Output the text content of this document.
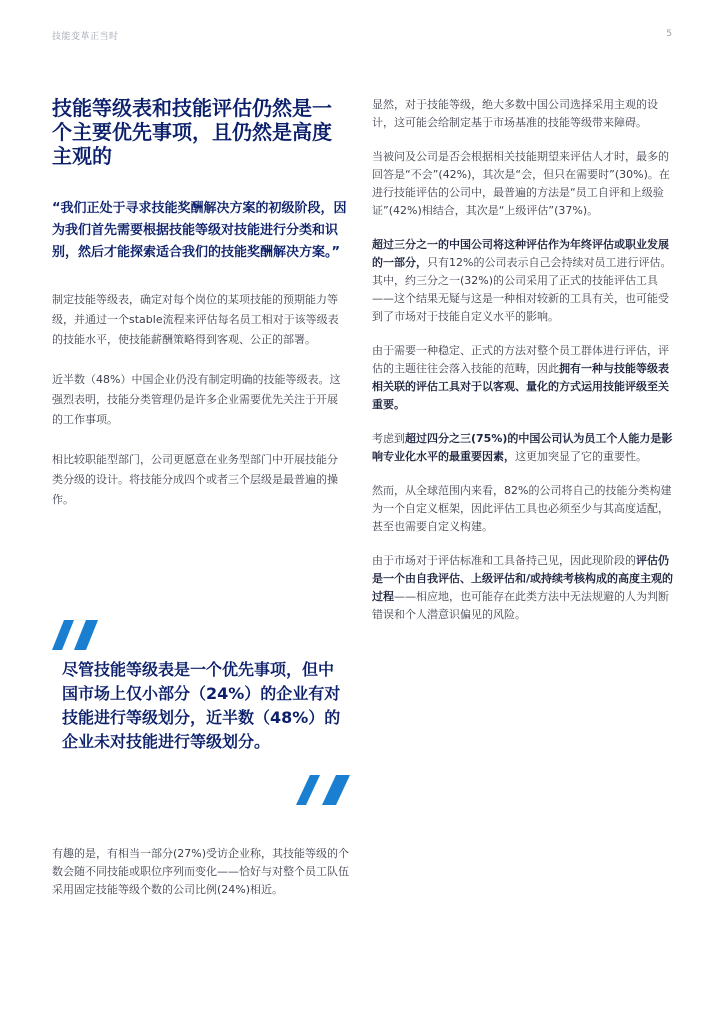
技能变革正当时	5
技能等级表和技能评估仍然是一个主要优先事项，且仍然是高度主观的
“我们正处于寻求技能奖酬解决方案的初级阶段，因为我们首先需要根据技能等级对技能进行分类和识别，然后才能探索适合我们的技能奖酬解决方案。”

制定技能等级表，确定对每个岗位的某项技能的预期能力等级，并通过一个stable流程来评估每名员工相对于该等级表的技能水平，使技能薪酬策略得到客观、公正的部署。

近半数（48%）中国企业仍没有制定明确的技能等级表。这强烈表明，技能分类管理仍是许多企业需要优先关注于开展的工作事项。

相比较职能型部门，公司更愿意在业务型部门中开展技能分类分级的设计。将技能分成四个或者三个层级是最普遍的操作。

尽管技能等级表是一个优先事项，但中国市场上仅小部分（24%）的企业有对技能进行等级划分，近半数（48%）的企业未对技能进行等级划分。

有趣的是，有相当一部分(27%)受访企业称，其技能等级的个数会随不同技能或职位序列而变化——恰好与对整个员工队伍采用固定技能等级个数的公司比例(24%)相近。

显然，对于技能等级，绝大多数中国公司选择采用主观的设计，这可能会给制定基于市场基准的技能等级带来障碍。

当被问及公司是否会根据相关技能期望来评估人才时，最多的回答是“不会”(42%)，其次是“会，但只在需要时”(30%)。在进行技能评估的公司中，最普遍的方法是“员工自评和上级验证”(42%)相结合，其次是“上级评估”(37%)。

超过三分之一的中国公司将这种评估作为年终评估或职业发展的一部分，只有12%的公司表示自己会持续对员工进行评估。其中，约三分之一(32%)的公司采用了正式的技能评估工具——这个结果无疑与这是一种相对较新的工具有关，也可能受到了市场对于技能自定义水平的影响。

由于需要一种稳定、正式的方法对整个员工群体进行评估，评估的主题往往会落入技能的范畴，因此拥有一种与技能等级表相关联的评估工具对于以客观、量化的方式运用技能评级至关重要。

考虑到超过四分之三(75%)的中国公司认为员工个人能力是影响专业化水平的最重要因素，这更加突显了它的重要性。

然而，从全球范围内来看，82%的公司将自己的技能分类构建为一个自定义框架，因此评估工具也必须至少与其高度适配，甚至也需要自定义构建。

由于市场对于评估标准和工具备持己见，因此现阶段的评估仍是一个由自我评估、上级评估和/或持续考核构成的高度主观的过程——相应地，也可能存在此类方法中无法规避的人为判断错误和个人潜意识偏见的风险。
